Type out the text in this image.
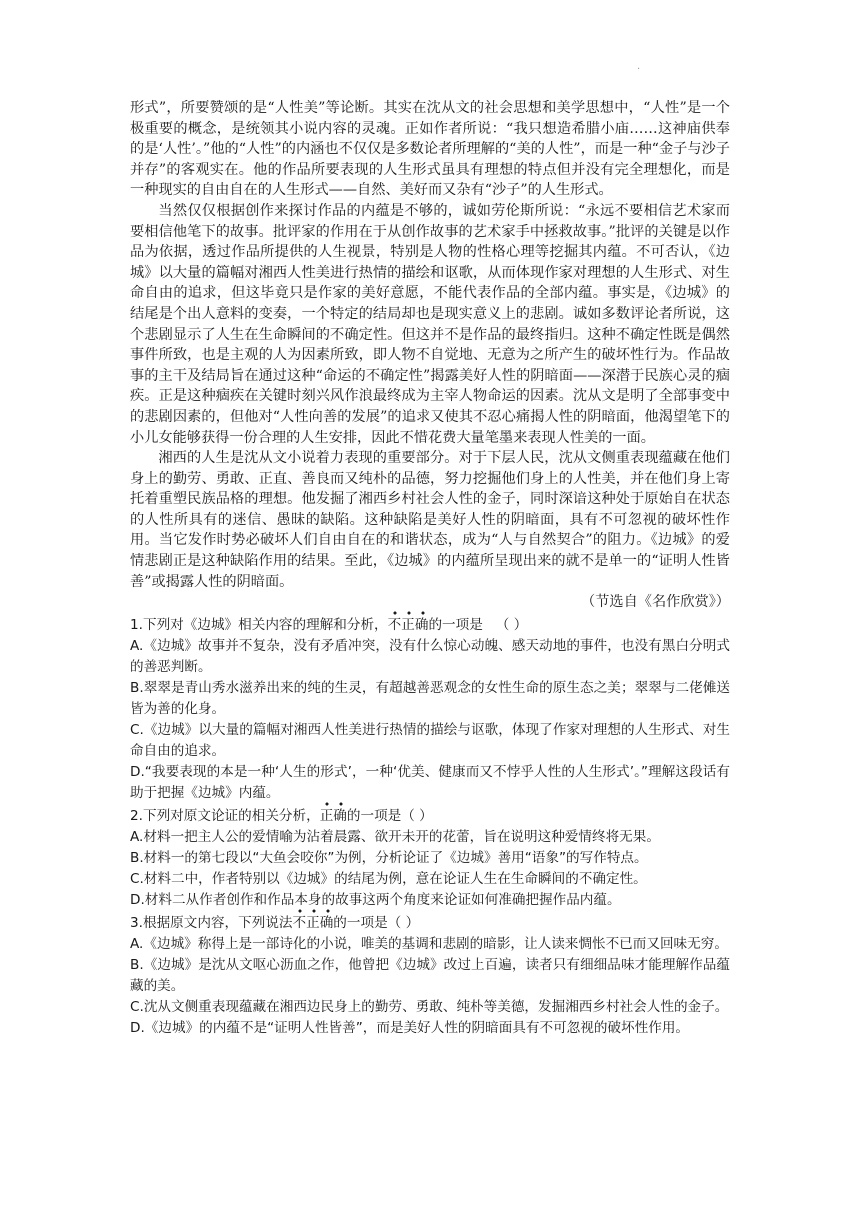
·

形式”，所要赞颂的是“人性美”等论断。其实在沈从文的社会思想和美学思想中，“人性”是一个极重要的概念，是统领其小说内容的灵魂。正如作者所说：“我只想造希腊小庙……这神庙供奉的是‘人性’。”他的“人性”的内涵也不仅仅是多数论者所理解的“美的人性”，而是一种“金子与沙子并存”的客观实在。他的作品所要表现的人生形式虽具有理想的特点但并没有完全理想化，而是一种现实的自由自在的人生形式——自然、美好而又杂有“沙子”的人生形式。

当然仅仅根据创作来探讨作品的内蕴是不够的，诚如劳伦斯所说：“永远不要相信艺术家而要相信他笔下的故事。批评家的作用在于从创作故事的艺术家手中拯救故事。”批评的关键是以作品为依据，透过作品所提供的人生视景，特别是人物的性格心理等挖掘其内蕴。不可否认，《边城》以大量的篇幅对湘西人性美进行热情的描绘和讴歌，从而体现作家对理想的人生形式、对生命自由的追求，但这毕竟只是作家的美好意愿，不能代表作品的全部内蕴。事实是，《边城》的结尾是个出人意料的变奏，一个特定的结局却也是现实意义上的悲剧。诚如多数评论者所说，这个悲剧显示了人生在生命瞬间的不确定性。但这并不是作品的最终指归。这种不确定性既是偶然事件所致，也是主观的人为因素所致，即人物不自觉地、无意为之所产生的破坏性行为。作品故事的主干及结局旨在通过这种“命运的不确定性”揭露美好人性的阴暗面——深潜于民族心灵的痼疾。正是这种痼疾在关键时刻兴风作浪最终成为主宰人物命运的因素。沈从文是明了全部事变中的悲剧因素的，但他对“人性向善的发展”的追求又使其不忍心痛揭人性的阴暗面，他渴望笔下的小儿女能够获得一份合理的人生安排，因此不惜花费大量笔墨来表现人性美的一面。

湘西的人生是沈从文小说着力表现的重要部分。对于下层人民，沈从文侧重表现蕴藏在他们身上的勤劳、勇敢、正直、善良而又纯朴的品德，努力挖掘他们身上的人性美，并在他们身上寄托着重塑民族品格的理想。他发掘了湘西乡村社会人性的金子，同时深谙这种处于原始自在状态的人性所具有的迷信、愚昧的缺陷。这种缺陷是美好人性的阴暗面，具有不可忽视的破坏性作用。当它发作时势必破坏人们自由自在的和谐状态，成为“人与自然契合”的阻力。《边城》的爱情悲剧正是这种缺陷作用的结果。至此，《边城》的内蕴所呈现出来的就不是单一的“证明人性皆善”或揭露人性的阴暗面。

（节选自《名作欣赏》）

1.下列对《边城》相关内容的理解和分析，不正确的一项是 （ ）

A.《边城》故事并不复杂，没有矛盾冲突，没有什么惊心动魄、感天动地的事件，也没有黑白分明式的善恶判断。

B.翠翠是青山秀水滋养出来的纯的生灵，有超越善恶观念的女性生命的原生态之美；翠翠与二佬傩送皆为善的化身。

C.《边城》以大量的篇幅对湘西人性美进行热情的描绘与讴歌，体现了作家对理想的人生形式、对生命自由的追求。

D.“我要表现的本是一种‘人生的形式’，一种‘优美、健康而又不悖乎人性的人生形式’。”理解这段话有助于把握《边城》内蕴。

2.下列对原文论证的相关分析，正确的一项是（ ）

A.材料一把主人公的爱情喻为沾着晨露、欲开未开的花蕾，旨在说明这种爱情终将无果。

B.材料一的第七段以“大鱼会咬你”为例，分析论证了《边城》善用“语象”的写作特点。

C.材料二中，作者特别以《边城》的结尾为例，意在论证人生在生命瞬间的不确定性。

D.材料二从作者创作和作品本身的故事这两个角度来论证如何准确把握作品内蕴。

3.根据原文内容，下列说法不正确的一项是（ ）

A.《边城》称得上是一部诗化的小说，唯美的基调和悲剧的暗影，让人读来惆怅不已而又回味无穷。

B.《边城》是沈从文呕心沥血之作，他曾把《边城》改过上百遍，读者只有细细品味才能理解作品蕴藏的美。

C.沈从文侧重表现蕴藏在湘西边民身上的勤劳、勇敢、纯朴等美德，发掘湘西乡村社会人性的金子。

D.《边城》的内蕴不是“证明人性皆善”，而是美好人性的阴暗面具有不可忽视的破坏性作用。
